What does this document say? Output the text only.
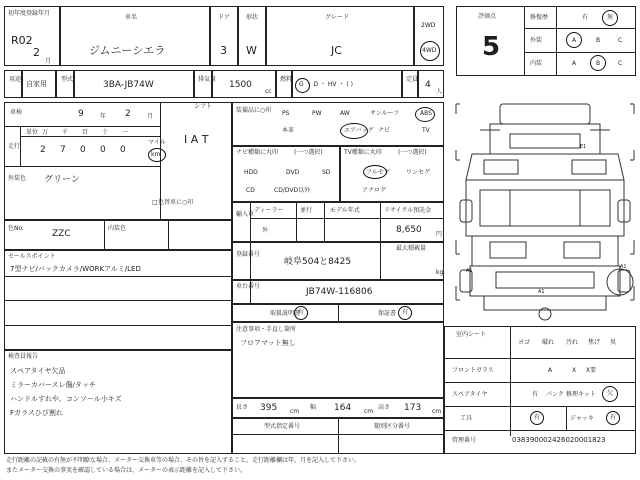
初年度登録年月
R02
2
月
車名
ジムニーシエラ
ドア
3
形状
W
グレード
JC
2WD
4WD
用途
自家用
型式
3BA-JB74W
排気量
1500
cc
燃料
G ・ D ・ HV ・ ( )
定員
4
人
車検	9	年 2	月
シフト
I A T
走行
単位 万
2
千
7
百
0
十
0
一
0
マイル
km
外装色 グリーン
色替車に○印
□
色No.
ZZC
内装色
セールスポイント
7型ナビ/バックカメラ/WORKアルミ/LED
検査員報告
スペアタイヤ欠品
ミラーカバースレ傷/タッチ
ハンドルすれや、コンソール小キズ
Fガラスひび割れ
装備品に○印 PS	PW	AW	サンルーフ	ABS
本革	エアバッグ ナビ	TV
ナビ種類に丸印	(一つ選択)
HDD	DVD	SD
CD	CD/DVD以外
TV種類に丸印	(一つ選択)
フルセグ	ワンセグ
アナログ
輸入車
ディーラー
外
並行	モデル年式	リサイクル預託金
8,650 円
登録番号
岐阜504と8425
最大積載量
kg
車台番号
JB74W-116806
取扱説明書
有	保証書 有
注意事項・手直し箇所
フロアマット無し
長さ 395 cm
幅 164 cm
高さ 173 cm
型式指定番号	類別区分番号
評価点
5
修復歴	有	無
外装	A	B	C
内装	A	B	C
E1
A1
A1
A1
室内シート
ヨゴ 破れ 汚れ 焦げ 臭
フロントガラス	A	X X要
スペアタイヤ	有 パンク 修理キット 欠
工具	有	ジャッキ	有
管理番号	038390002426020001823
走行距離の記載の有無が不明瞭な場合、メーター交換車等の場合、その旨を記入すること。走行距離欄は年、月を記入して下さい。
またメーター交換の事実を確認している場合は、メーターの表示距離を記入して下さい。
